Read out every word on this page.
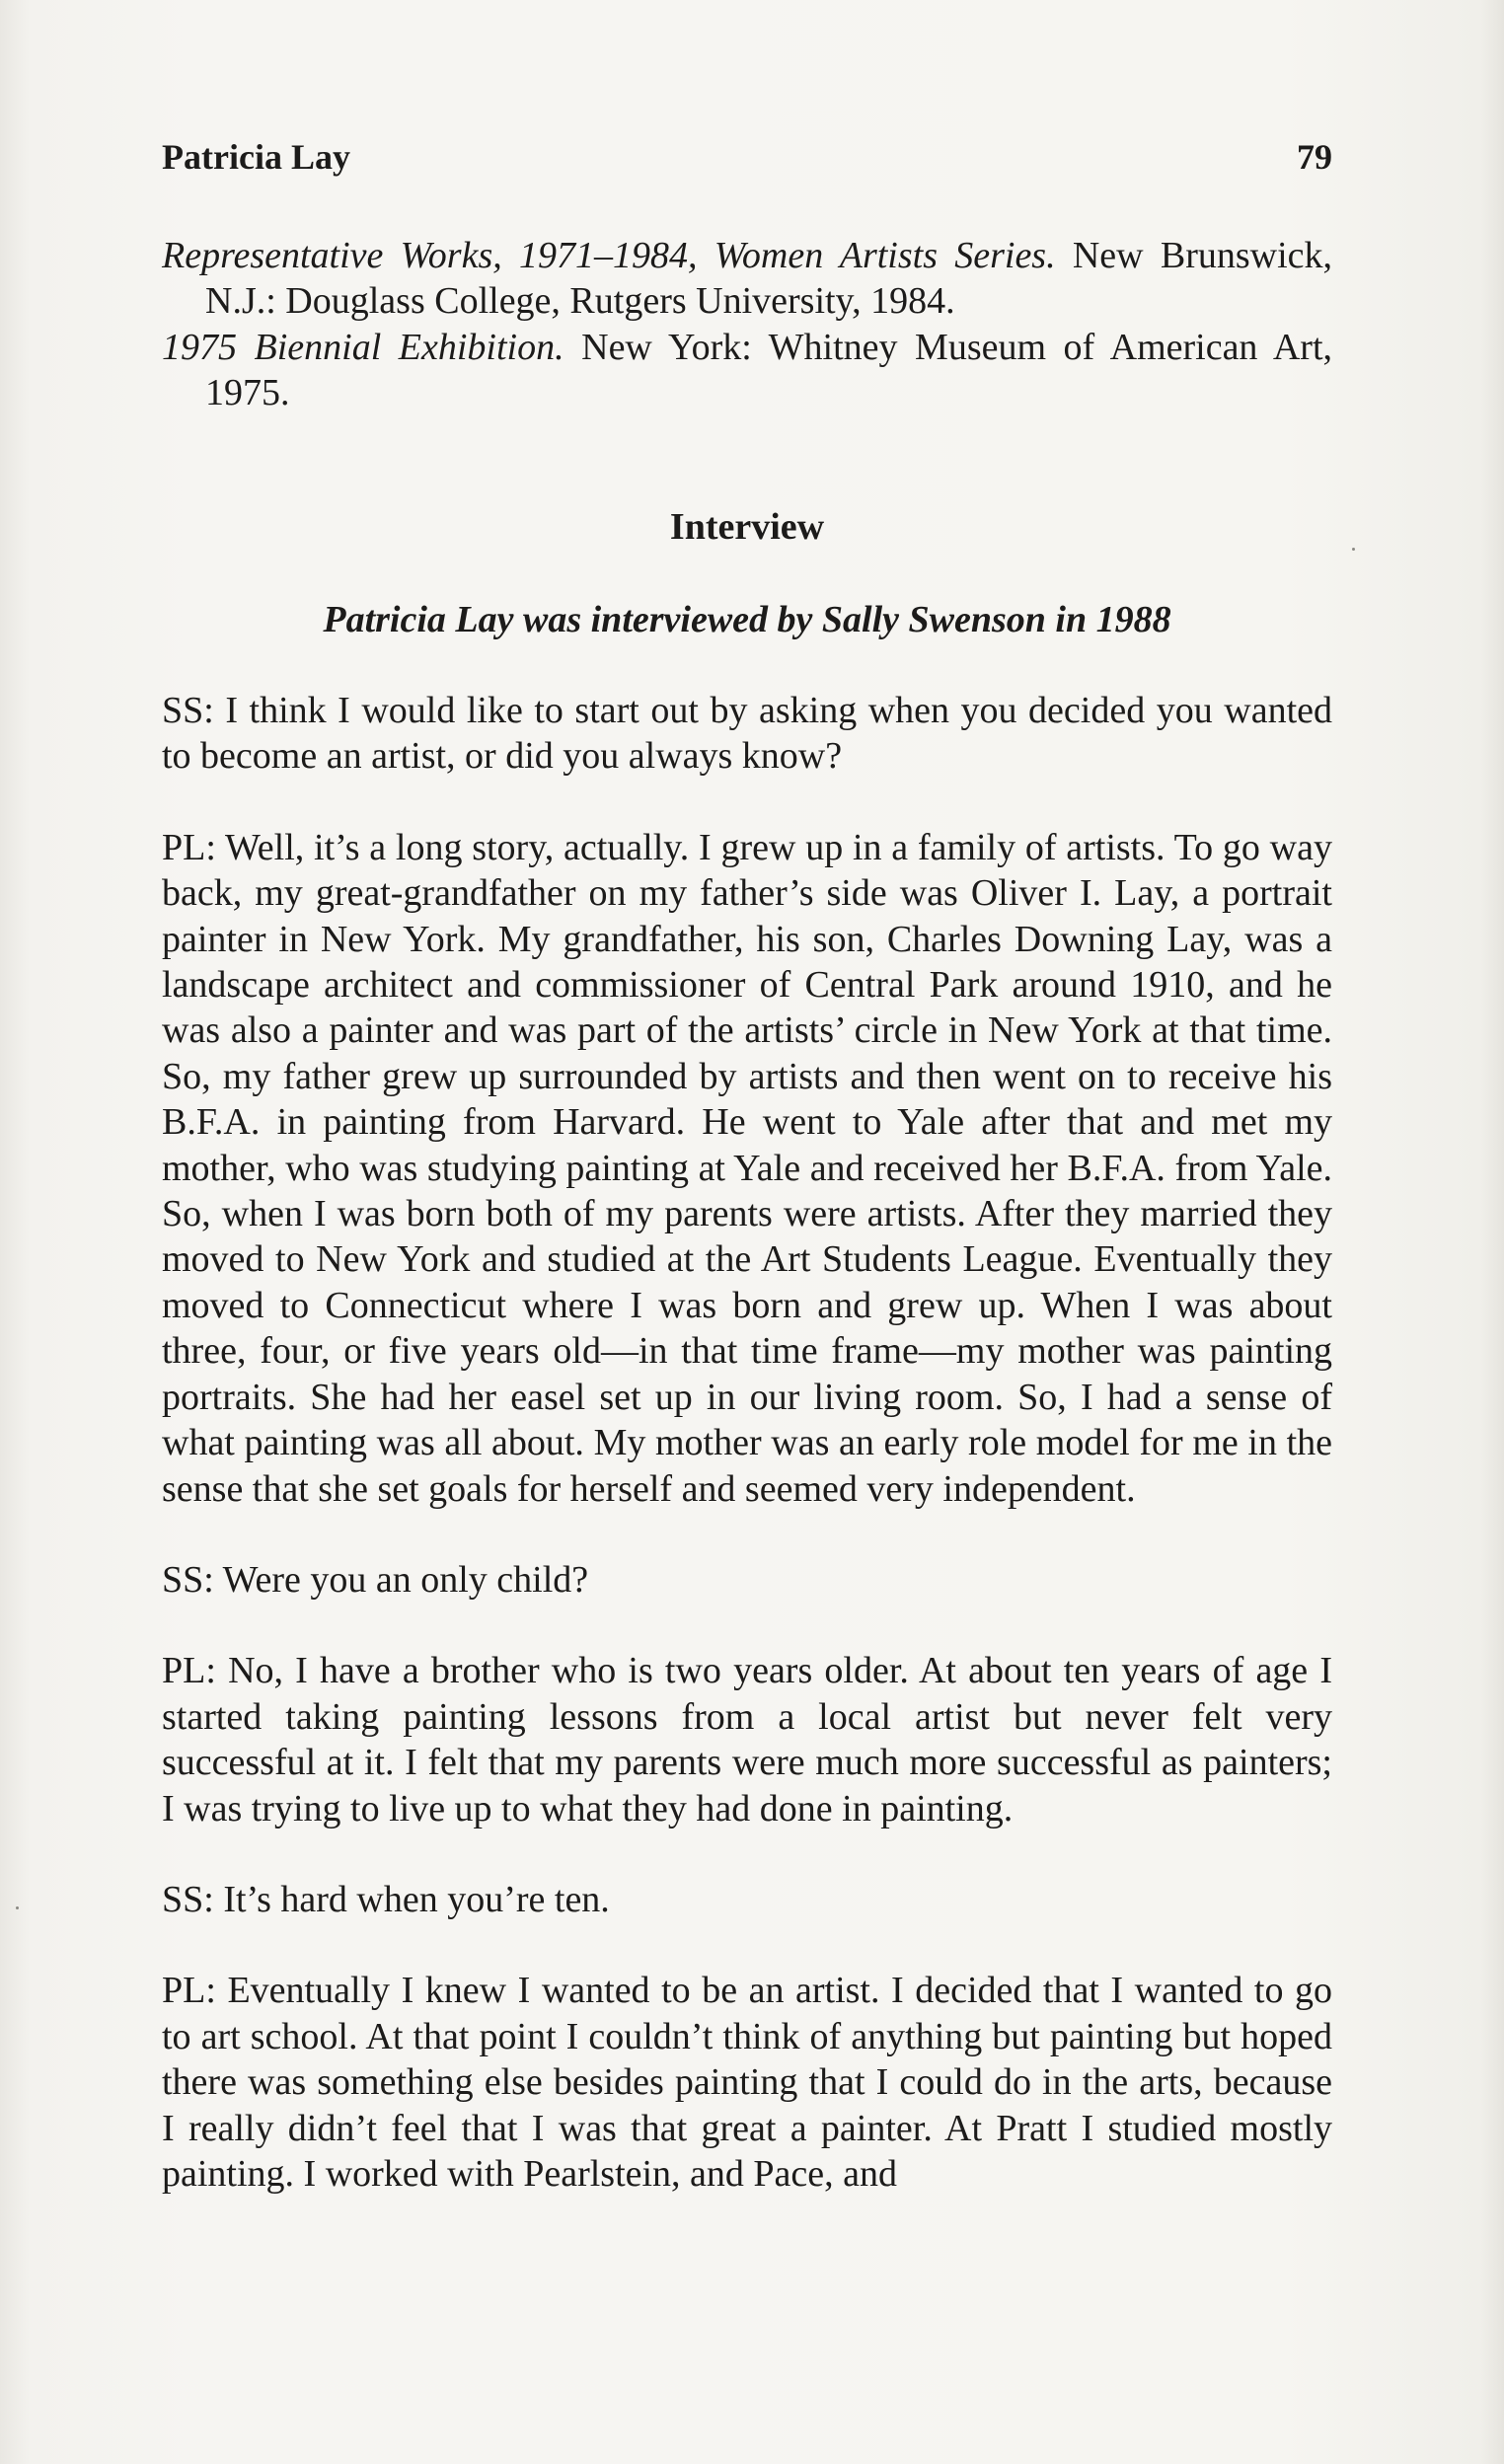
Patricia Lay	79

Representative Works, 1971–1984, Women Artists Series. New Brunswick, N.J.: Douglass College, Rutgers University, 1984.

1975 Biennial Exhibition. New York: Whitney Museum of American Art, 1975.

Interview
Patricia Lay was interviewed by Sally Swenson in 1988

SS: I think I would like to start out by asking when you decided you wanted to become an artist, or did you always know?

PL: Well, it’s a long story, actually. I grew up in a family of artists. To go way back, my great-grandfather on my father’s side was Oliver I. Lay, a portrait painter in New York. My grandfather, his son, Charles Downing Lay, was a landscape architect and commissioner of Central Park around 1910, and he was also a painter and was part of the artists’ circle in New York at that time. So, my father grew up surrounded by artists and then went on to receive his B.F.A. in painting from Harvard. He went to Yale after that and met my mother, who was studying painting at Yale and received her B.F.A. from Yale. So, when I was born both of my parents were artists. After they married they moved to New York and studied at the Art Students League. Eventually they moved to Connecticut where I was born and grew up. When I was about three, four, or five years old—in that time frame—my mother was painting portraits. She had her easel set up in our living room. So, I had a sense of what painting was all about. My mother was an early role model for me in the sense that she set goals for herself and seemed very independent.

SS: Were you an only child?

PL: No, I have a brother who is two years older. At about ten years of age I started taking painting lessons from a local artist but never felt very successful at it. I felt that my parents were much more successful as painters; I was trying to live up to what they had done in painting.

SS: It’s hard when you’re ten.

PL: Eventually I knew I wanted to be an artist. I decided that I wanted to go to art school. At that point I couldn’t think of anything but painting but hoped there was something else besides painting that I could do in the arts, because I really didn’t feel that I was that great a painter. At Pratt I studied mostly painting. I worked with Pearlstein, and Pace, and
